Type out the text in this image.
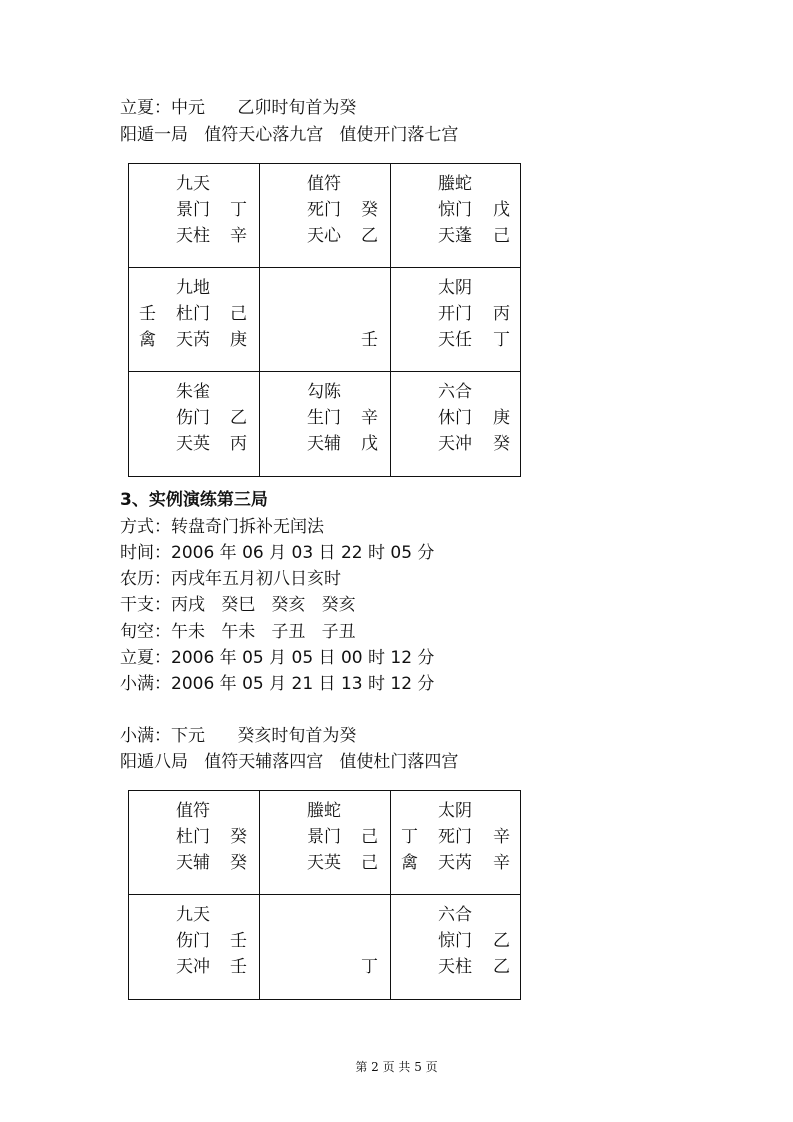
立夏：中元      乙卯时旬首为癸
阳遁一局   值符天心落九宫   值使开门落七宫
九天
景门 丁
天柱 辛
值符
死门 癸
天心 乙
螣蛇
惊门 戊
天蓬 己
九地
壬 杜门 己
禽 天芮 庚	壬
太阴
开门 丙
天任 丁
朱雀
伤门 乙
天英 丙
勾陈
生门 辛
天辅 戊
六合
休门 庚
天冲 癸
3、实例演练第三局
方式：转盘奇门拆补无闰法
时间：2006 年 06 月 03 日 22 时 05 分
农历：丙戌年五月初八日亥时
干支：丙戌   癸巳   癸亥   癸亥
旬空：午未   午未   子丑   子丑
立夏：2006 年 05 月 05 日 00 时 12 分
小满：2006 年 05 月 21 日 13 时 12 分
小满：下元      癸亥时旬首为癸
阳遁八局   值符天辅落四宫   值使杜门落四宫
值符
杜门 癸
天辅 癸
螣蛇
景门 己
天英 己
太阴
丁 死门 辛
禽 天芮 辛
九天
伤门 壬
天冲 壬	丁
六合
惊门 乙
天柱 乙
第 2 页 共 5 页
